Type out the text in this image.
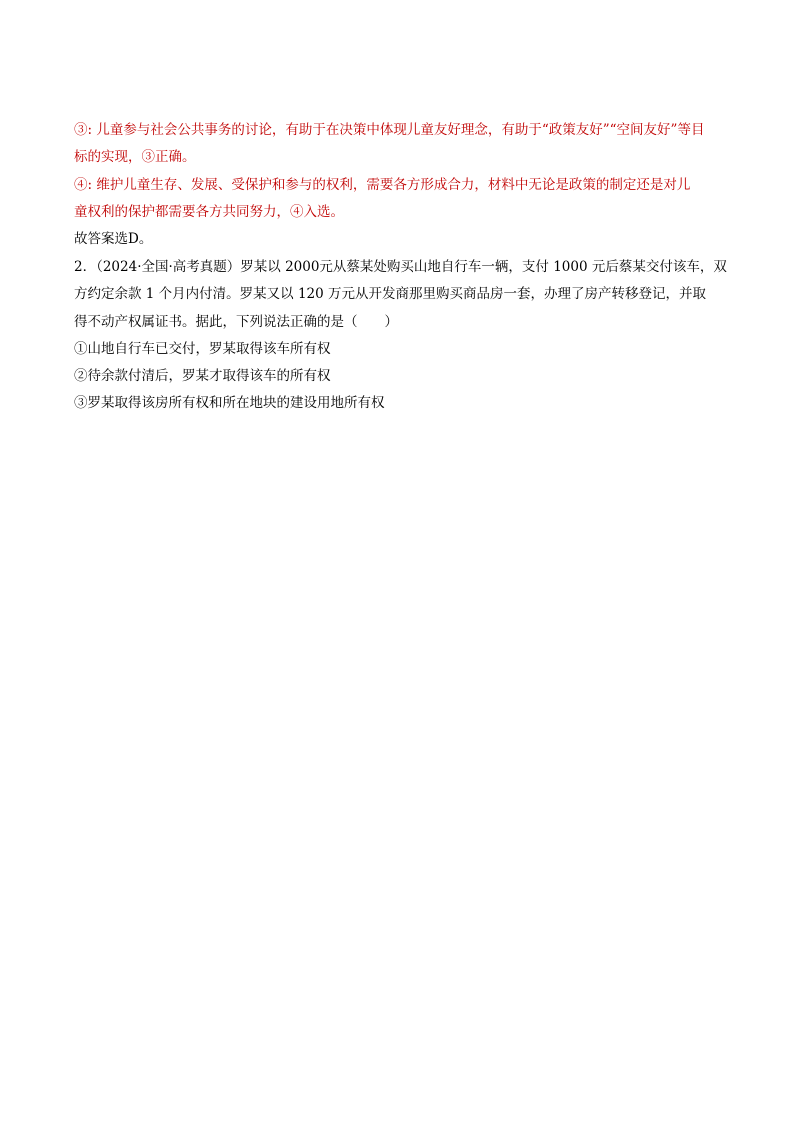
③: 儿童参与社会公共事务的讨论，有助于在决策中体现儿童友好理念，有助于“政策友好”“空间友好”等目
标的实现，③正确。
④: 维护儿童生存、发展、受保护和参与的权利，需要各方形成合力，材料中无论是政策的制定还是对儿
童权利的保护都需要各方共同努力，④入选。
故答案选D。
2．（2024·全国·高考真题）罗某以 2000元从蔡某处购买山地自行车一辆，支付 1000 元后蔡某交付该车，双
方约定余款 1 个月内付清。罗某又以 120 万元从开发商那里购买商品房一套，办理了房产转移登记，并取
得不动产权属证书。据此，下列说法正确的是（　　）
①山地自行车已交付，罗某取得该车所有权
②待余款付清后，罗某才取得该车的所有权
③罗某取得该房所有权和所在地块的建设用地所有权
